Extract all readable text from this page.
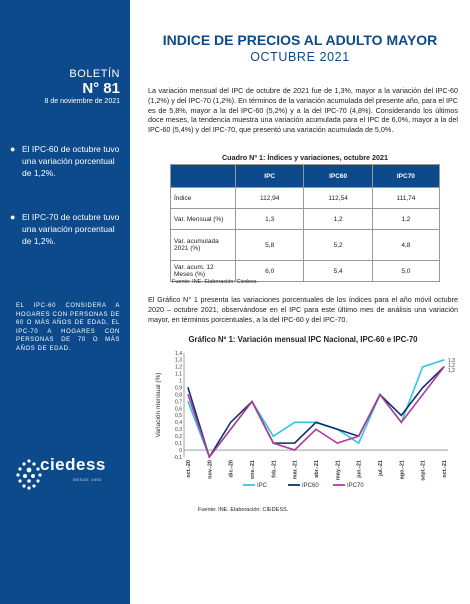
BOLETÍN
N° 81
8 de noviembre de 2021
● El IPC-60 de octubre tuvo una variación porcentual de 1,2%.
● El IPC-70 de octubre tuvo una variación porcentual de 1,2%.
EL IPC-60 CONSIDERA A HOGARES CON PERSONAS DE 60 O MÁS AÑOS DE EDAD, EL IPC-70 A HOGARES CON PERSONAS DE 70 O MÁS AÑOS DE EDAD.
ciedess
DESDE 1992
INDICE DE PRECIOS AL ADULTO MAYOR
OCTUBRE 2021
La variación mensual del IPC de octubre de 2021 fue de 1,3%, mayor a la variación del IPC-60 (1,2%) y del IPC-70 (1,2%). En términos de la variación acumulada del presente año, para el IPC es de 5,8%, mayor a la del IPC-60 (5,2%) y a la del IPC-70 (4,8%). Considerando los últimos doce meses, la tendencia muestra una variación acumulada para el IPC de 6,0%, mayor a la del IPC-60 (5,4%) y del IPC-70, que presentó una variación acumulada de 5,0%.
Cuadro Nº 1: Índices y variaciones, octubre 2021
	IPC	IPC60	IPC70
Índice	112,94	112,54	111,74
Var. Mensual (%)	1,3	1,2	1,2
Var. acumulada 2021 (%)	5,8	5,2	4,8
Var. acum. 12 Meses (%)	6,0	5,4	5,0
Fuente: INE. Elaboración: Ciedess.
El Gráfico N° 1 presenta las variaciones porcentuales de los índices para el año móvil octubre 2020 – octubre 2021, observándose en el IPC para este último mes de análisis una variación mayor, en términos porcentuales, a la del IPC-60 y del IPC-70.
Gráfico Nº 1: Variación mensual IPC Nacional, IPC-60 e IPC-70
-0,1
0
0,1
0,2
0,3
0,4
0,5
0,6
0,7
0,8
0,9
1
1,1
1,2
1,3
1,4
Variación mensual (%)
oct.-20	nov.-20	dic.-20	ene.-21	feb.-21	mar.-21	abr.-21	may.-21	jun.-21	jul.-21	ago.-21	sept.-21	oct.-21
1,3
1,2
1,2
IPC	IPC60	IPC70
Fuente: INE. Elaboración: CIEDESS.
